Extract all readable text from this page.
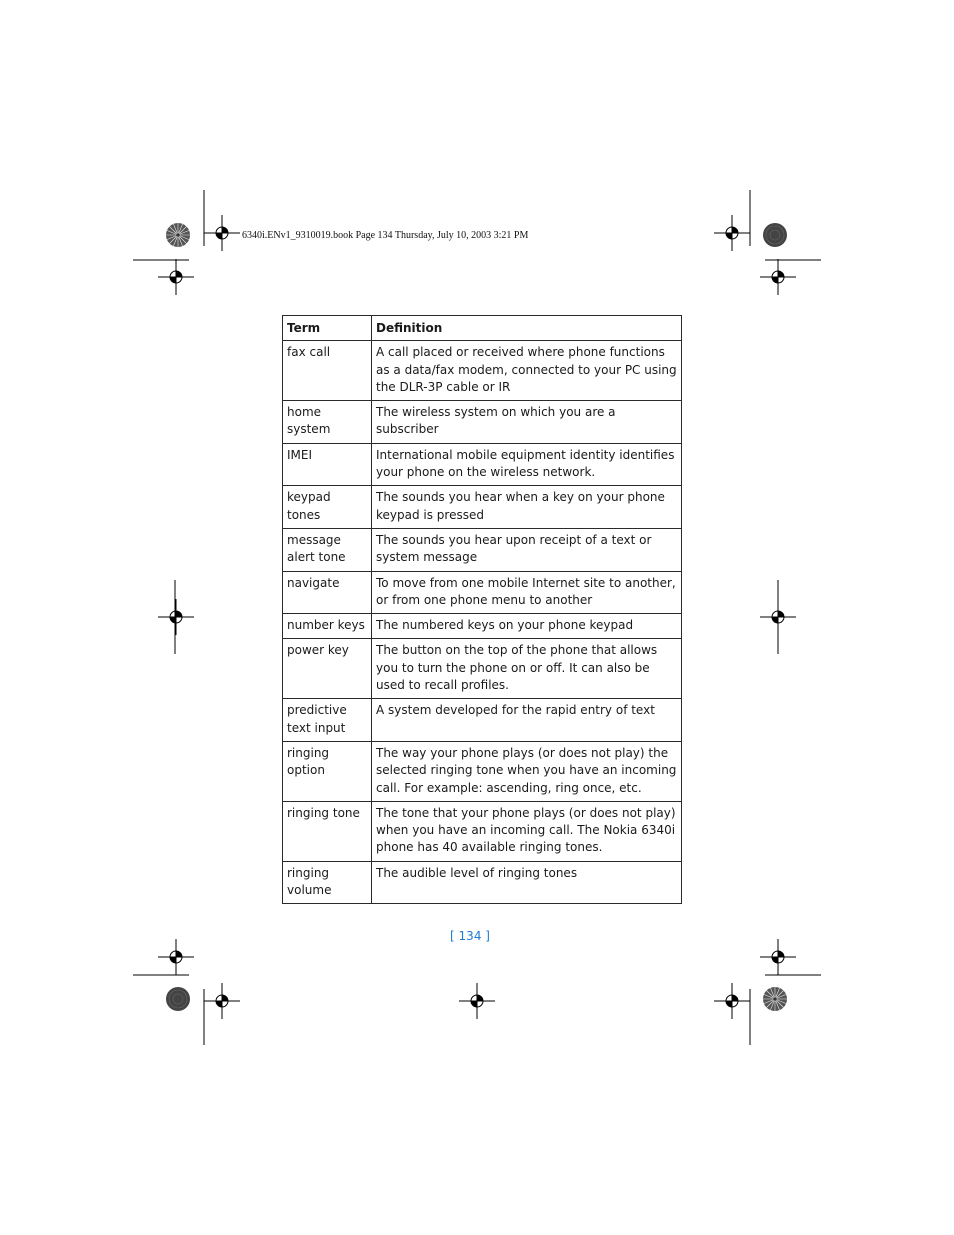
6340i.ENv1_9310019.book Page 134 Thursday, July 10, 2003 3:21 PM
Term	Definition
fax call	A call placed or received where phone functions as a data/fax modem, connected to your PC using the DLR-3P cable or IR
home system	The wireless system on which you are a subscriber
IMEI	International mobile equipment identity identifies your phone on the wireless network.
keypad tones	The sounds you hear when a key on your phone keypad is pressed
message alert tone	The sounds you hear upon receipt of a text or system message
navigate	To move from one mobile Internet site to another, or from one phone menu to another
number keys	The numbered keys on your phone keypad
power key	The button on the top of the phone that allows you to turn the phone on or off. It can also be used to recall profiles.
predictive text input	A system developed for the rapid entry of text
ringing option	The way your phone plays (or does not play) the selected ringing tone when you have an incoming call. For example: ascending, ring once, etc.
ringing tone	The tone that your phone plays (or does not play) when you have an incoming call. The Nokia 6340i phone has 40 available ringing tones.
ringing volume	The audible level of ringing tones
[ 134 ]
